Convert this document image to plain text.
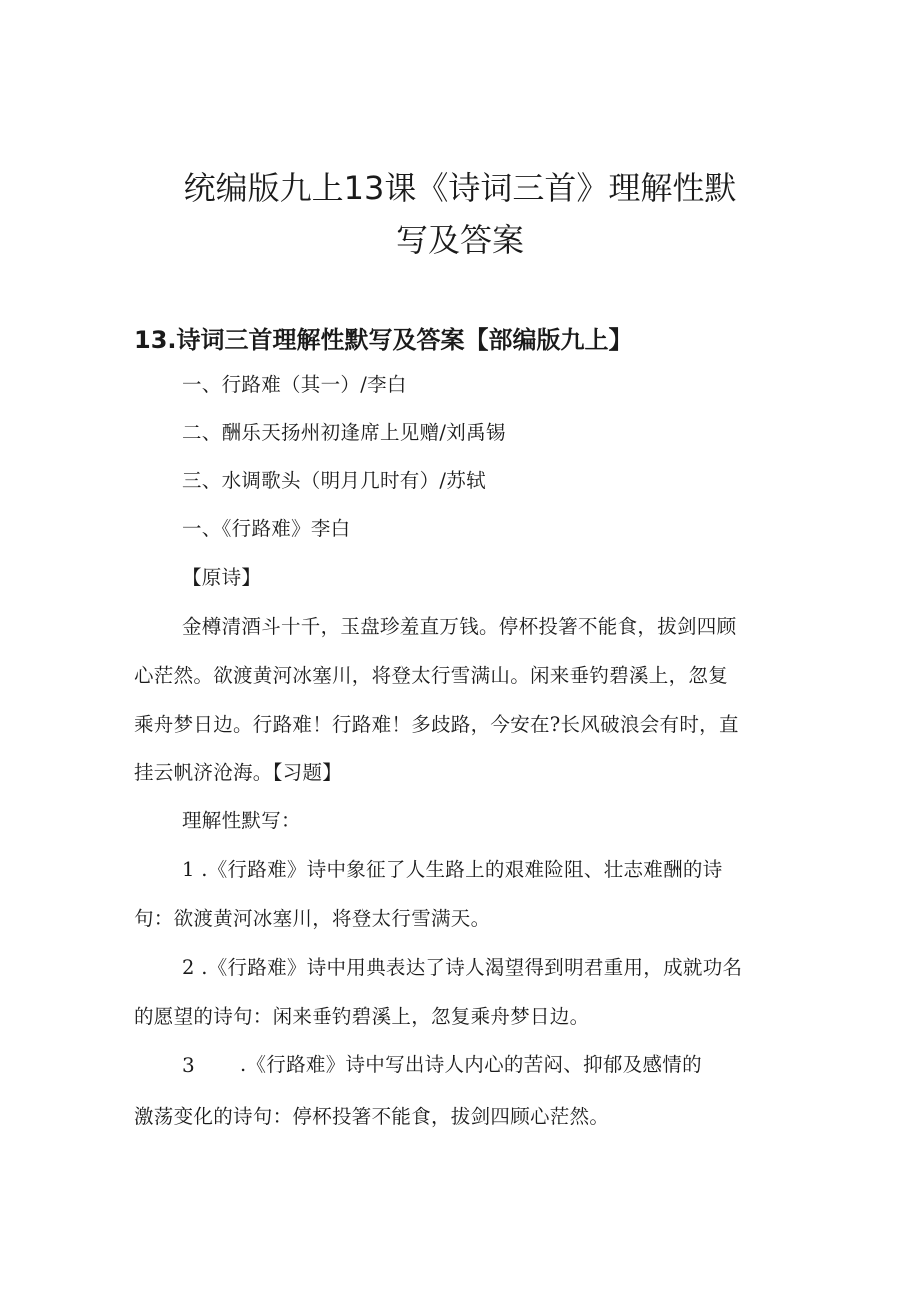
统编版九上13课《诗词三首》理解性默
写及答案
13.诗词三首理解性默写及答案【部编版九上】
一、行路难（其一）/李白
二、酬乐天扬州初逢席上见赠/刘禹锡
三、水调歌头（明月几时有）/苏轼
一、《行路难》李白
【原诗】
金樽清酒斗十千，玉盘珍羞直万钱。停杯投箸不能食，拔剑四顾
心茫然。欲渡黄河冰塞川，将登太行雪满山。闲来垂钓碧溪上，忽复
乘舟梦日边。行路难！行路难！多歧路，今安在?长风破浪会有时，直
挂云帆济沧海。【习题】
理解性默写：
1 .《行路难》诗中象征了人生路上的艰难险阻、壮志难酬的诗
句：欲渡黄河冰塞川，将登太行雪满天。
2 .《行路难》诗中用典表达了诗人渴望得到明君重用，成就功名
的愿望的诗句：闲来垂钓碧溪上，忽复乘舟梦日边。
3 .《行路难》诗中写出诗人内心的苦闷、抑郁及感情的
激荡变化的诗句：停杯投箸不能食，拔剑四顾心茫然。
